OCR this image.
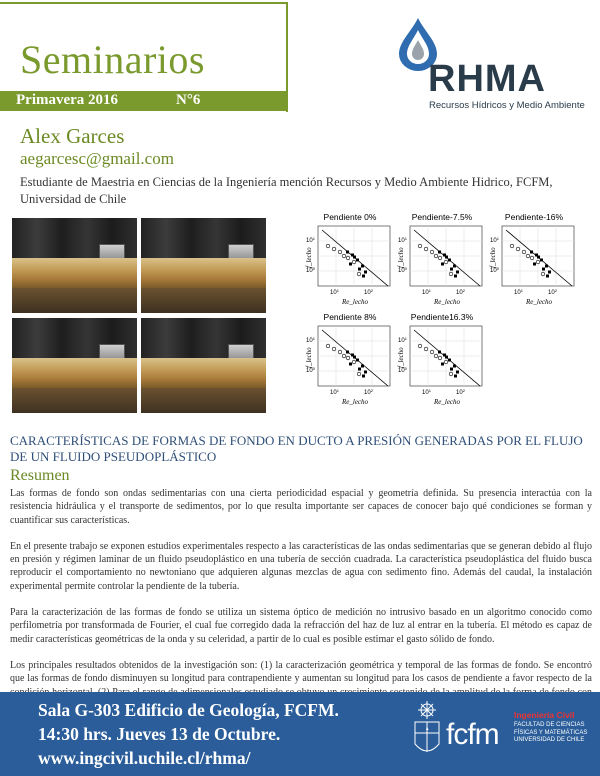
Seminarios
Primavera 2016	N°6	RHMA
Recursos Hídricos y Medio Ambiente
Alex Garces
aegarcesc@gmail.com
Estudiante de Maestria en Ciencias de la Ingeniería mención Recursos y Medio Ambiente Hidrico, FCFM, Universidad de Chile
Pendiente 0%
$10^1$
$10^0$
$10^1$	$10^2$
Re_lecho
f_lecho
Pendiente-7.5%
$10^1$
$10^0$
$10^1$	$10^2$
Re_lecho
f_lecho
Pendiente-16%
$10^1$
$10^0$
$10^1$	$10^2$
Re_lecho
f_lecho
Pendiente 8%
$10^1$
$10^0$
$10^1$	$10^2$
Re_lecho
f_lecho
Pendiente16.3%
$10^1$
$10^0$
$10^1$	$10^2$
Re_lecho
f_lecho
CARACTERÍSTICAS DE FORMAS DE FONDO EN DUCTO A PRESIÓN GENERADAS POR EL FLUJO DE UN FLUIDO PSEUDOPLÁSTICO
Resumen

Las formas de fondo son ondas sedimentarias con una cierta periodicidad espacial y geometría definida. Su presencia interactúa con la resistencia hidráulica y el transporte de sedimentos, por lo que resulta importante ser capaces de conocer bajo qué condiciones se forman y cuantificar sus características.

En el presente trabajo se exponen estudios experimentales respecto a las características de las ondas sedimentarias que se generan debido al flujo en presión y régimen laminar de un fluido pseudoplástico en una tubería de sección cuadrada. La característica pseudoplástica del fluido busca reproducir el comportamiento no newtoniano que adquieren algunas mezclas de agua con sedimento fino. Además del caudal, la instalación experimental permite controlar la pendiente de la tubería.

Para la caracterización de las formas de fondo se utiliza un sistema óptico de medición no intrusivo basado en un algoritmo conocido como perfilometría por transformada de Fourier, el cual fue corregido dada la refracción del haz de luz al entrar en la tubería. El método es capaz de medir características geométricas de la onda y su celeridad, a partir de lo cual es posible estimar el gasto sólido de fondo.

Los principales resultados obtenidos de la investigación son: (1) la caracterización geométrica y temporal de las formas de fondo. Se encontró que las formas de fondo disminuyen su longitud para contrapendiente y aumentan su longitud para los casos de pendiente a favor respecto de la

Sala G-303 Edificio de Geología, FCFM.
14:30 hrs. Jueves 13 de Octubre.
www.ingcivil.uchile.cl/rhma/
fcfm
Ingeniería Civil
FACULTAD DE CIENCIAS FÍSICAS Y MATEMÁTICAS UNIVERSIDAD DE CHILE
